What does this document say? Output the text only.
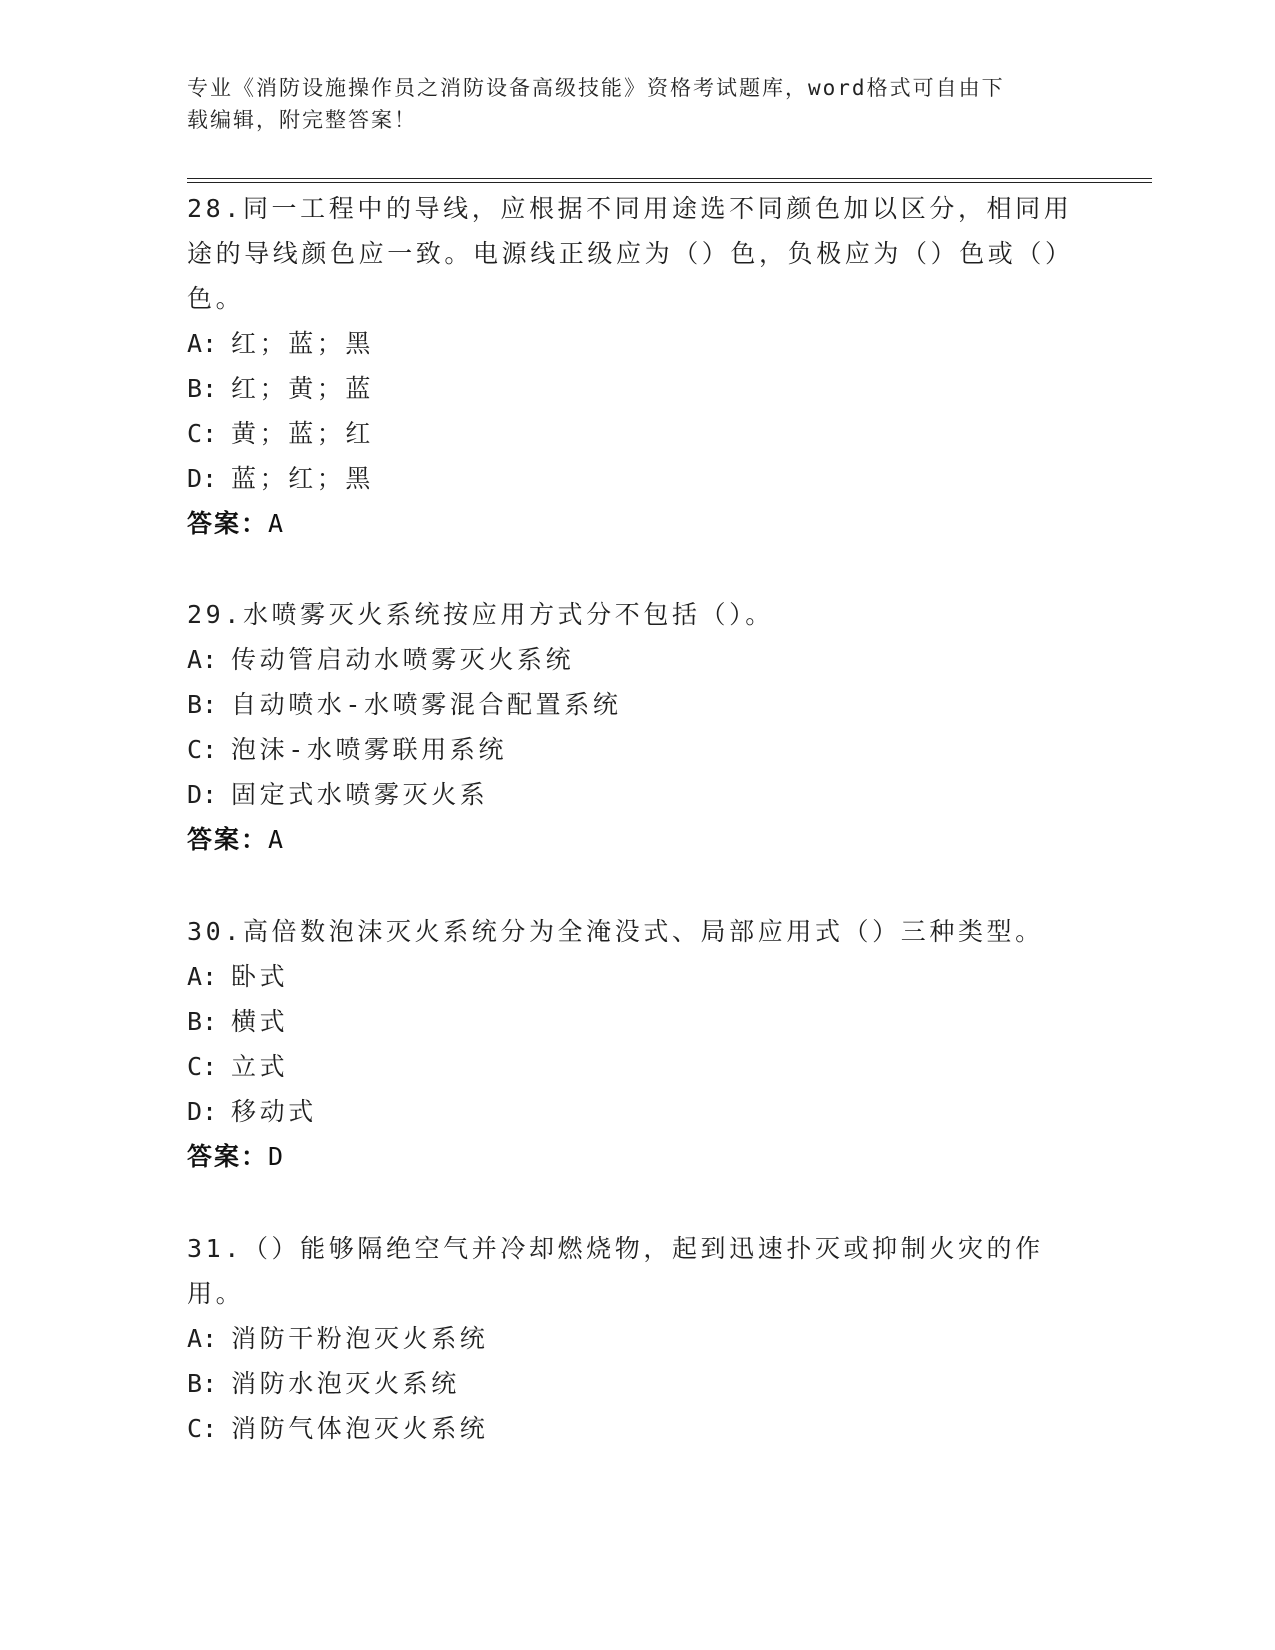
专业《消防设施操作员之消防设备高级技能》资格考试题库，word格式可自由下
载编辑，附完整答案！
28.同一工程中的导线，应根据不同用途选不同颜色加以区分，相同用途的导线颜色应一致。电源线正级应为（）色，负极应为（）色或（）色。
A: 红；蓝；黑
B: 红；黄；蓝
C: 黄；蓝；红
D: 蓝；红；黑
答案：A
29.水喷雾灭火系统按应用方式分不包括（）。
A: 传动管启动水喷雾灭火系统
B: 自动喷水-水喷雾混合配置系统
C: 泡沫-水喷雾联用系统
D: 固定式水喷雾灭火系
答案：A
30.高倍数泡沫灭火系统分为全淹没式、局部应用式（）三种类型。
A: 卧式
B: 横式
C: 立式
D: 移动式
答案：D
31.（）能够隔绝空气并冷却燃烧物，起到迅速扑灭或抑制火灾的作用。
A: 消防干粉泡灭火系统
B: 消防水泡灭火系统
C: 消防气体泡灭火系统
